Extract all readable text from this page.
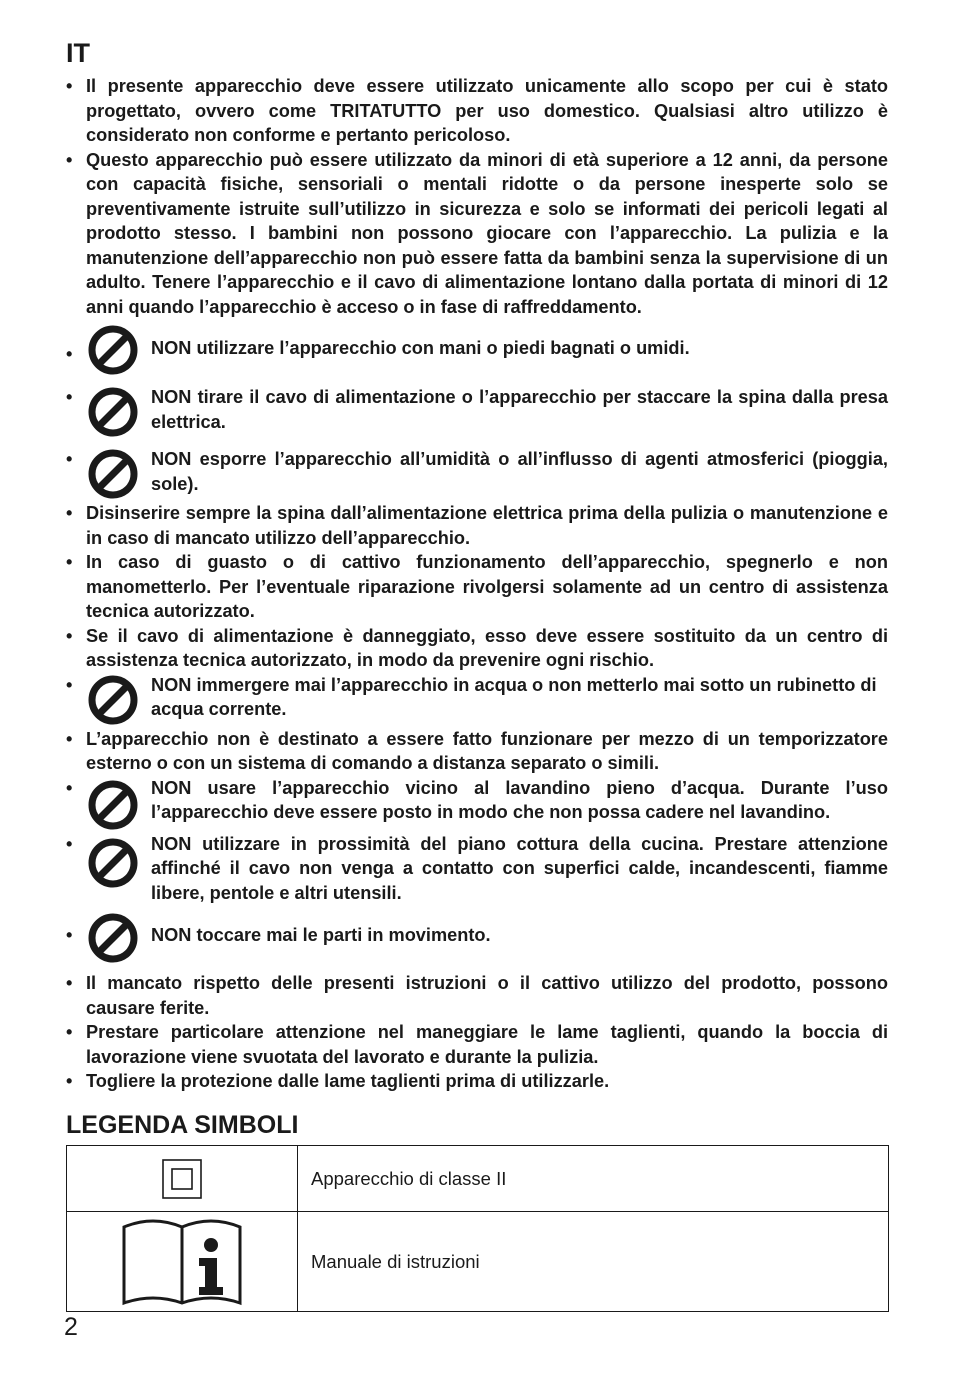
IT
• Il presente apparecchio deve essere utilizzato unicamente allo scopo per cui è stato progettato, ovvero come TRITATUTTO per uso domestico. Qualsiasi altro utilizzo è considerato non conforme e pertanto pericoloso.
• Questo apparecchio può essere utilizzato da minori di età superiore a 12 anni, da persone con capacità fisiche, sensoriali o mentali ridotte o da persone inesperte solo se preventivamente istruite sull’utilizzo in sicurezza e solo se informati dei pericoli legati al prodotto stesso. I bambini non possono giocare con l’apparecchio. La pulizia e la manutenzione dell’apparecchio non può essere fatta da bambini senza la supervisione di un adulto. Tenere l’apparecchio e il cavo di alimentazione lontano dalla portata di minori di 12 anni quando l’apparecchio è acceso o in fase di raffreddamento.
•	NON utilizzare l’apparecchio con mani o piedi bagnati o umidi.
•	NON tirare il cavo di alimentazione o l’apparecchio per staccare la spina dalla presa elettrica.
•	NON esporre l’apparecchio all’umidità o all’influsso di agenti atmosferici (pioggia, sole).
• Disinserire sempre la spina dall’alimentazione elettrica prima della pulizia o manutenzione e in caso di mancato utilizzo dell’apparecchio.
• In caso di guasto o di cattivo funzionamento dell’apparecchio, spegnerlo e non manometterlo. Per l’eventuale riparazione rivolgersi solamente ad un centro di assistenza tecnica autorizzato.
• Se il cavo di alimentazione è danneggiato, esso deve essere sostituito da un centro di assistenza tecnica autorizzato, in modo da prevenire ogni rischio.
•	NON immergere mai l’apparecchio in acqua o non metterlo mai sotto un rubinetto di acqua corrente.
• L’apparecchio non è destinato a essere fatto funzionare per mezzo di un temporizzatore esterno o con un sistema di comando a distanza separato o simili.
•	NON usare l’apparecchio vicino al lavandino pieno d’acqua. Durante l’uso l’apparecchio deve essere posto in modo che non possa cadere nel lavandino.
•	NON utilizzare in prossimità del piano cottura della cucina. Prestare attenzione affinché il cavo non venga a contatto con superfici calde, incandescenti, fiamme libere, pentole e altri utensili.
•	NON toccare mai le parti in movimento.
• Il mancato rispetto delle presenti istruzioni o il cattivo utilizzo del prodotto, possono causare ferite.
• Prestare particolare attenzione nel maneggiare le lame taglienti, quando la boccia di lavorazione viene svuotata del lavorato e durante la pulizia.
• Togliere la protezione dalle lame taglienti prima di utilizzarle.
LEGENDA SIMBOLI
	Apparecchio di classe II

	Manuale di istruzioni
2
